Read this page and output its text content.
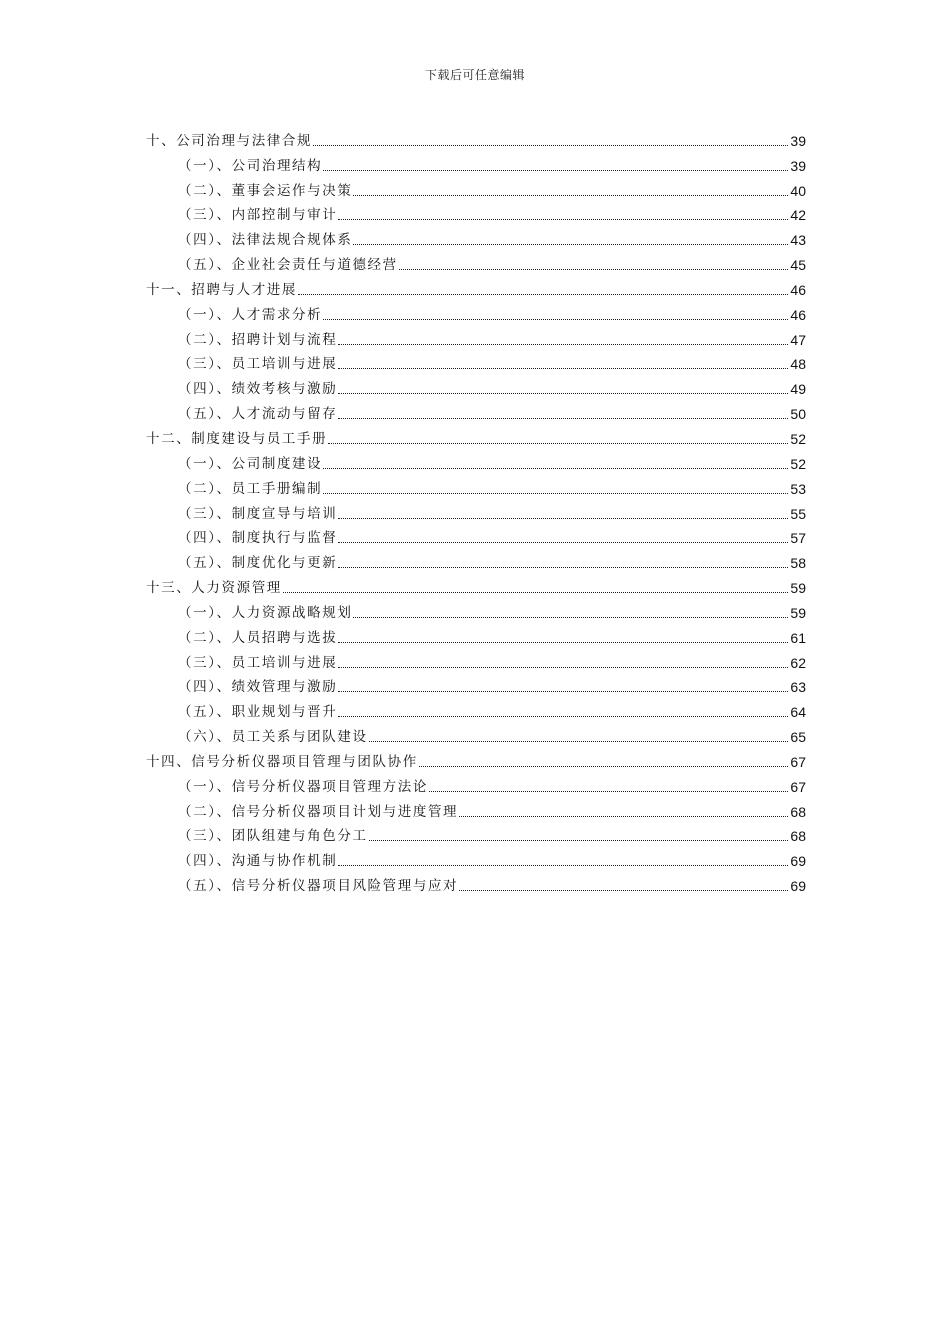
下载后可任意编辑
十、公司治理与法律合规	39
（一）、公司治理结构	39
（二）、董事会运作与决策	40
（三）、内部控制与审计	42
（四）、法律法规合规体系	43
（五）、企业社会责任与道德经营	45
十一、招聘与人才进展	46
（一）、人才需求分析	46
（二）、招聘计划与流程	47
（三）、员工培训与进展	48
（四）、绩效考核与激励	49
（五）、人才流动与留存	50
十二、制度建设与员工手册	52
（一）、公司制度建设	52
（二）、员工手册编制	53
（三）、制度宣导与培训	55
（四）、制度执行与监督	57
（五）、制度优化与更新	58
十三、人力资源管理	59
（一）、人力资源战略规划	59
（二）、人员招聘与选拔	61
（三）、员工培训与进展	62
（四）、绩效管理与激励	63
（五）、职业规划与晋升	64
（六）、员工关系与团队建设	65
十四、信号分析仪器项目管理与团队协作	67
（一）、信号分析仪器项目管理方法论	67
（二）、信号分析仪器项目计划与进度管理	68
（三）、团队组建与角色分工	68
（四）、沟通与协作机制	69
（五）、信号分析仪器项目风险管理与应对	69
